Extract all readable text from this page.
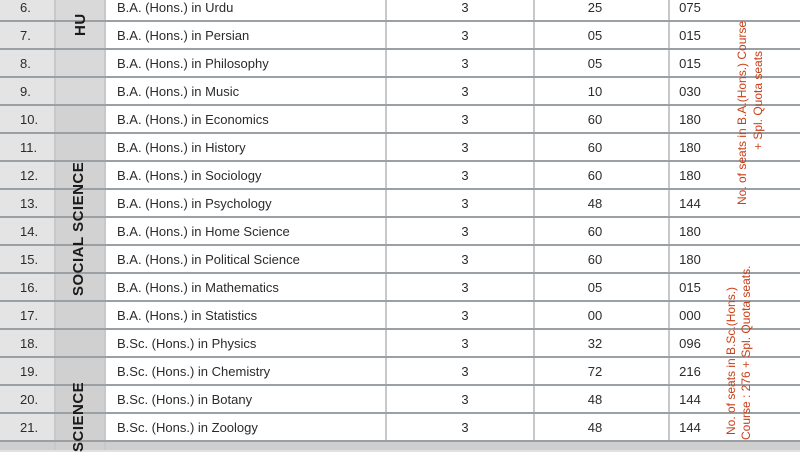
HU
SOCIAL SCIENCE
SCIENCE
6.	B.A. (Hons.) in Urdu	3	25	075
7.	B.A. (Hons.) in Persian	3	05	015
8.	B.A. (Hons.) in Philosophy	3	05	015
9.	B.A. (Hons.) in Music	3	10	030
10.	B.A. (Hons.) in Economics	3	60	180
11.	B.A. (Hons.) in History	3	60	180
12.	B.A. (Hons.) in Sociology	3	60	180
13.	B.A. (Hons.) in Psychology	3	48	144
14.	B.A. (Hons.) in Home Science	3	60	180
15.	B.A. (Hons.) in Political Science	3	60	180
16.	B.A. (Hons.) in Mathematics	3	05	015
17.	B.A. (Hons.) in Statistics	3	00	000
18.	B.Sc. (Hons.) in Physics	3	32	096
19.	B.Sc. (Hons.) in Chemistry	3	72	216
20.	B.Sc. (Hons.) in Botany	3	48	144
21.	B.Sc. (Hons.) in Zoology	3	48	144
No. of seats in B.A.(Hons.) Course + Spl. Quota seats
No. of seats in B.Sc.(Hons.) Course : 276 + Spl. Quota seats.
